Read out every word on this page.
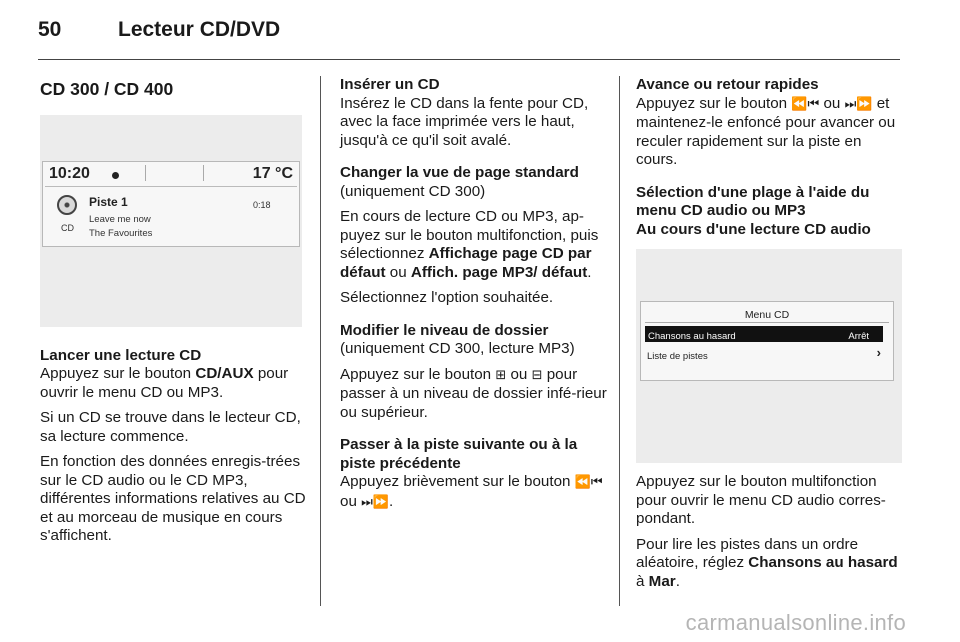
50	Lecteur CD/DVD
CD 300 / CD 400
10:20	17 °C
CD
Piste 1	0:18
Leave me now
The Favourites
Lancer une lecture CD

Appuyez sur le bouton CD/AUX pour ouvrir le menu CD ou MP3.

Si un CD se trouve dans le lecteur CD, sa lecture commence.

En fonction des données enregis-trées sur le CD audio ou le CD MP3, différentes informations relatives au CD et au morceau de musique en cours s'affichent.

Insérer un CD

Insérez le CD dans la fente pour CD, avec la face imprimée vers le haut, jusqu'à ce qu'il soit avalé.

Changer la vue de page standard

(uniquement CD 300)

En cours de lecture CD ou MP3, ap-puyez sur le bouton multifonction, puis sélectionnez Affichage page CD par défaut ou Affich. page MP3/ défaut.

Sélectionnez l'option souhaitée.

Modifier le niveau de dossier

(uniquement CD 300, lecture MP3)

Appuyez sur le bouton ⊞ ou ⊟ pour passer à un niveau de dossier infé-rieur ou supérieur.

Passer à la piste suivante ou à la piste précédente

Appuyez brièvement sur le bouton ⏪⏮ ou ⏭⏩.

Avance ou retour rapides

Appuyez sur le bouton ⏪⏮ ou ⏭⏩ et maintenez-le enfoncé pour avancer ou reculer rapidement sur la piste en cours.

Sélection d'une plage à l'aide du menu CD audio ou MP3
Au cours d'une lecture CD audio
Menu CD
Chansons au hasard	Arrêt
Liste de pistes	›

Appuyez sur le bouton multifonction pour ouvrir le menu CD audio corres-pondant.

Pour lire les pistes dans un ordre aléatoire, réglez Chansons au hasard à Mar.

carmanualsonline.info
